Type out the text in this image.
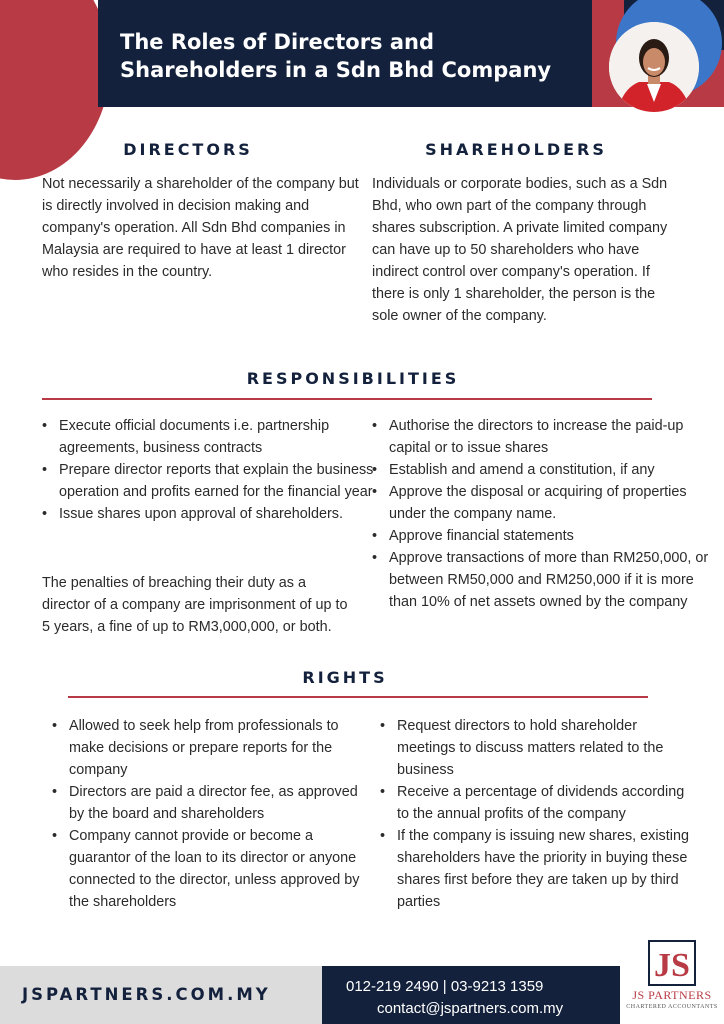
The Roles of Directors and Shareholders in a Sdn Bhd Company
DIRECTORS

Not necessarily a shareholder of the company but is directly involved in decision making and company's operation. All Sdn Bhd companies in Malaysia are required to have at least 1 director who resides in the country.

SHAREHOLDERS

Individuals or corporate bodies, such as a Sdn Bhd, who own part of the company through shares subscription. A private limited company can have up to 50 shareholders who have indirect control over company's operation. If there is only 1 shareholder, the person is the sole owner of the company.

RESPONSIBILITIES
• Execute official documents i.e. partnership agreements, business contracts
• Prepare director reports that explain the business operation and profits earned for the financial year
• Issue shares upon approval of shareholders.

The penalties of breaching their duty as a director of a company are imprisonment of up to 5 years, a fine of up to RM3,000,000, or both.

• Authorise the directors to increase the paid-up capital or to issue shares
• Establish and amend a constitution, if any
• Approve the disposal or acquiring of properties under the company name.
• Approve financial statements
• Approve transactions of more than RM250,000, or between RM50,000 and RM250,000 if it is more than 10% of net assets owned by the company
RIGHTS
• Allowed to seek help from professionals to make decisions or prepare reports for the company
• Directors are paid a director fee, as approved by the board and shareholders
• Company cannot provide or become a guarantor of the loan to its director or anyone connected to the director, unless approved by the shareholders
• Request directors to hold shareholder meetings to discuss matters related to the business
• Receive a percentage of dividends according to the annual profits of the company
• If the company is issuing new shares, existing shareholders have the priority in buying these shares first before they are taken up by third parties

JSPARTNERS.COM.MY	012-219 2490 | 03-9213 1359

contact@jspartners.com.my

JS

JS PARTNERS

CHARTERED ACCOUNTANTS
